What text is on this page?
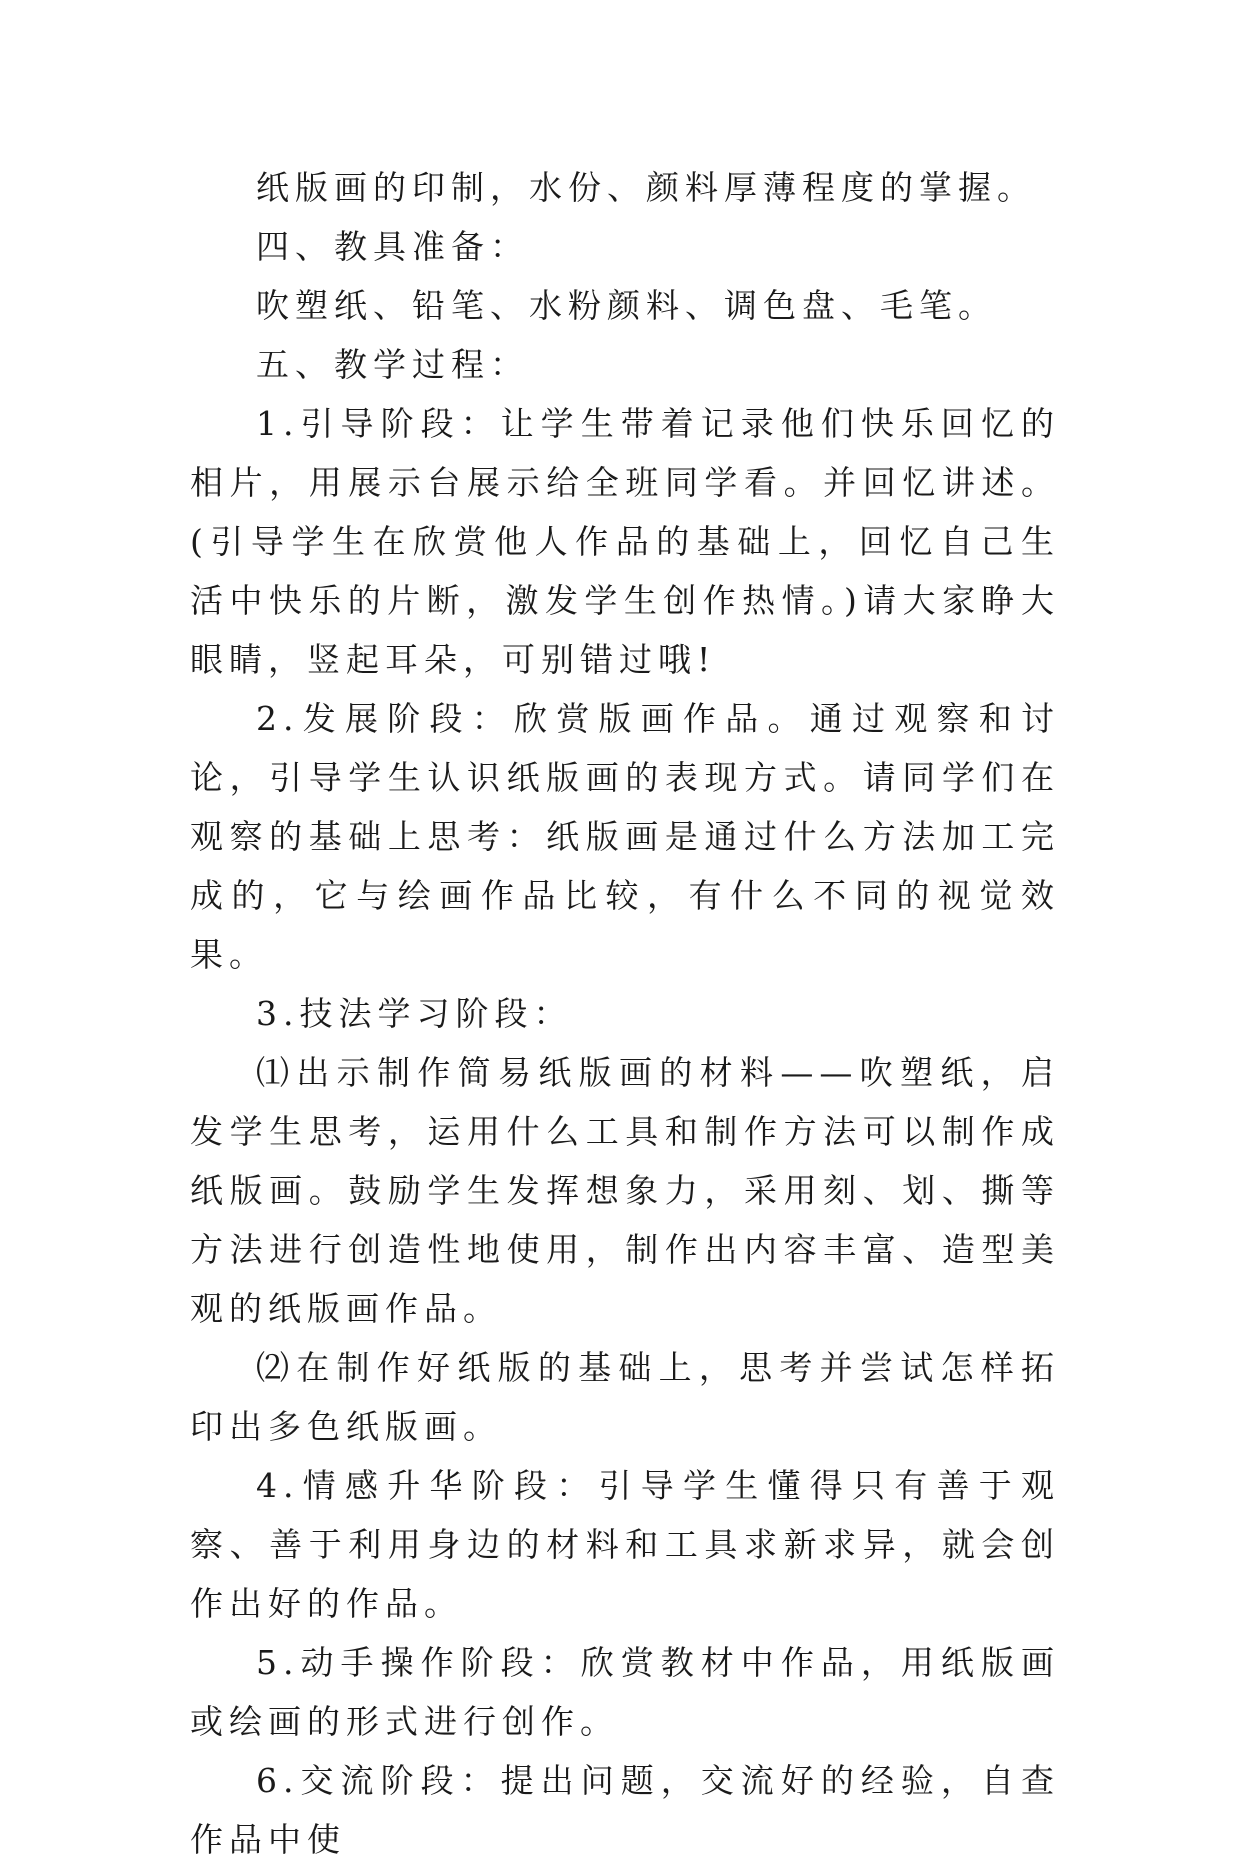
纸版画的印制，水份、颜料厚薄程度的掌握。

四、教具准备：

吹塑纸、铅笔、水粉颜料、调色盘、毛笔。

五、教学过程：

1.引导阶段：让学生带着记录他们快乐回忆的相片，用展示台展示给全班同学看。并回忆讲述。(引导学生在欣赏他人作品的基础上，回忆自己生活中快乐的片断，激发学生创作热情。)请大家睁大眼睛，竖起耳朵，可别错过哦!

2.发展阶段：欣赏版画作品。通过观察和讨论，引导学生认识纸版画的表现方式。请同学们在观察的基础上思考：纸版画是通过什么方法加工完成的，它与绘画作品比较，有什么不同的视觉效果。

3.技法学习阶段：

⑴出示制作简易纸版画的材料——吹塑纸，启发学生思考，运用什么工具和制作方法可以制作成纸版画。鼓励学生发挥想象力，采用刻、划、撕等方法进行创造性地使用，制作出内容丰富、造型美观的纸版画作品。

⑵在制作好纸版的基础上，思考并尝试怎样拓印出多色纸版画。

4.情感升华阶段：引导学生懂得只有善于观察、善于利用身边的材料和工具求新求异，就会创作出好的作品。

5.动手操作阶段：欣赏教材中作品，用纸版画或绘画的形式进行创作。

6.交流阶段：提出问题，交流好的经验，自查作品中使
